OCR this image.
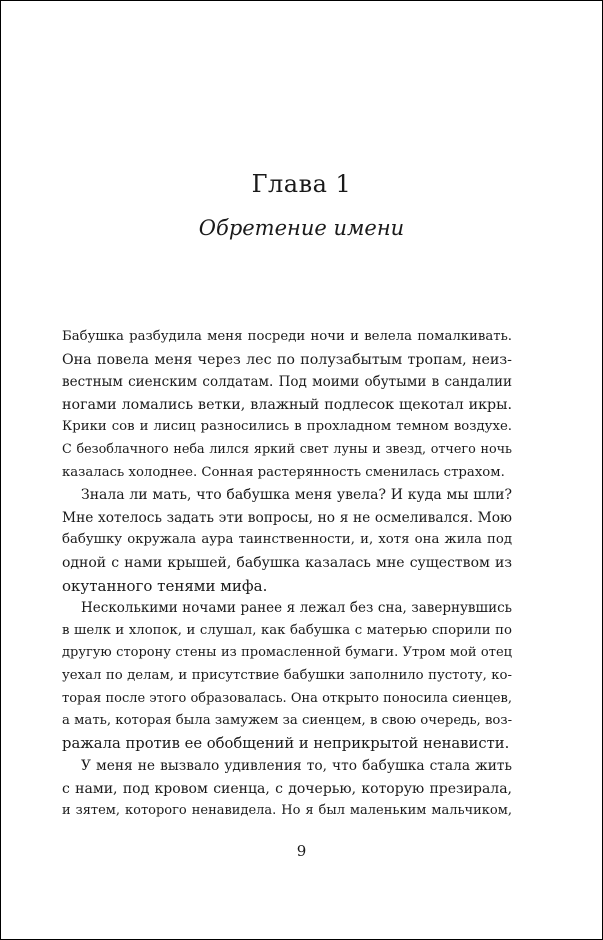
Глава 1
Обретение имени
Бабушка разбудила меня посреди ночи и велела помалкивать.
Она повела меня через лес по полузабытым тропам, неиз-
вестным сиенским солдатам. Под моими обутыми в сандалии
ногами ломались ветки, влажный подлесок щекотал икры.
Крики сов и лисиц разносились в прохладном темном воздухе.
С безоблачного неба лился яркий свет луны и звезд, отчего ночь
казалась холоднее. Сонная растерянность сменилась страхом.
Знала ли мать, что бабушка меня увела? И куда мы шли?
Мне хотелось задать эти вопросы, но я не осмеливался. Мою
бабушку окружала аура таинственности, и, хотя она жила под
одной с нами крышей, бабушка казалась мне существом из
окутанного тенями мифа.
Несколькими ночами ранее я лежал без сна, завернувшись
в шелк и хлопок, и слушал, как бабушка с матерью спорили по
другую сторону стены из промасленной бумаги. Утром мой отец
уехал по делам, и присутствие бабушки заполнило пустоту, ко-
торая после этого образовалась. Она открыто поносила сиенцев,
а мать, которая была замужем за сиенцем, в свою очередь, воз-
ражала против ее обобщений и неприкрытой ненависти.
У меня не вызвало удивления то, что бабушка стала жить
с нами, под кровом сиенца, с дочерью, которую презирала,
и зятем, которого ненавидела. Но я был маленьким мальчиком,
9
